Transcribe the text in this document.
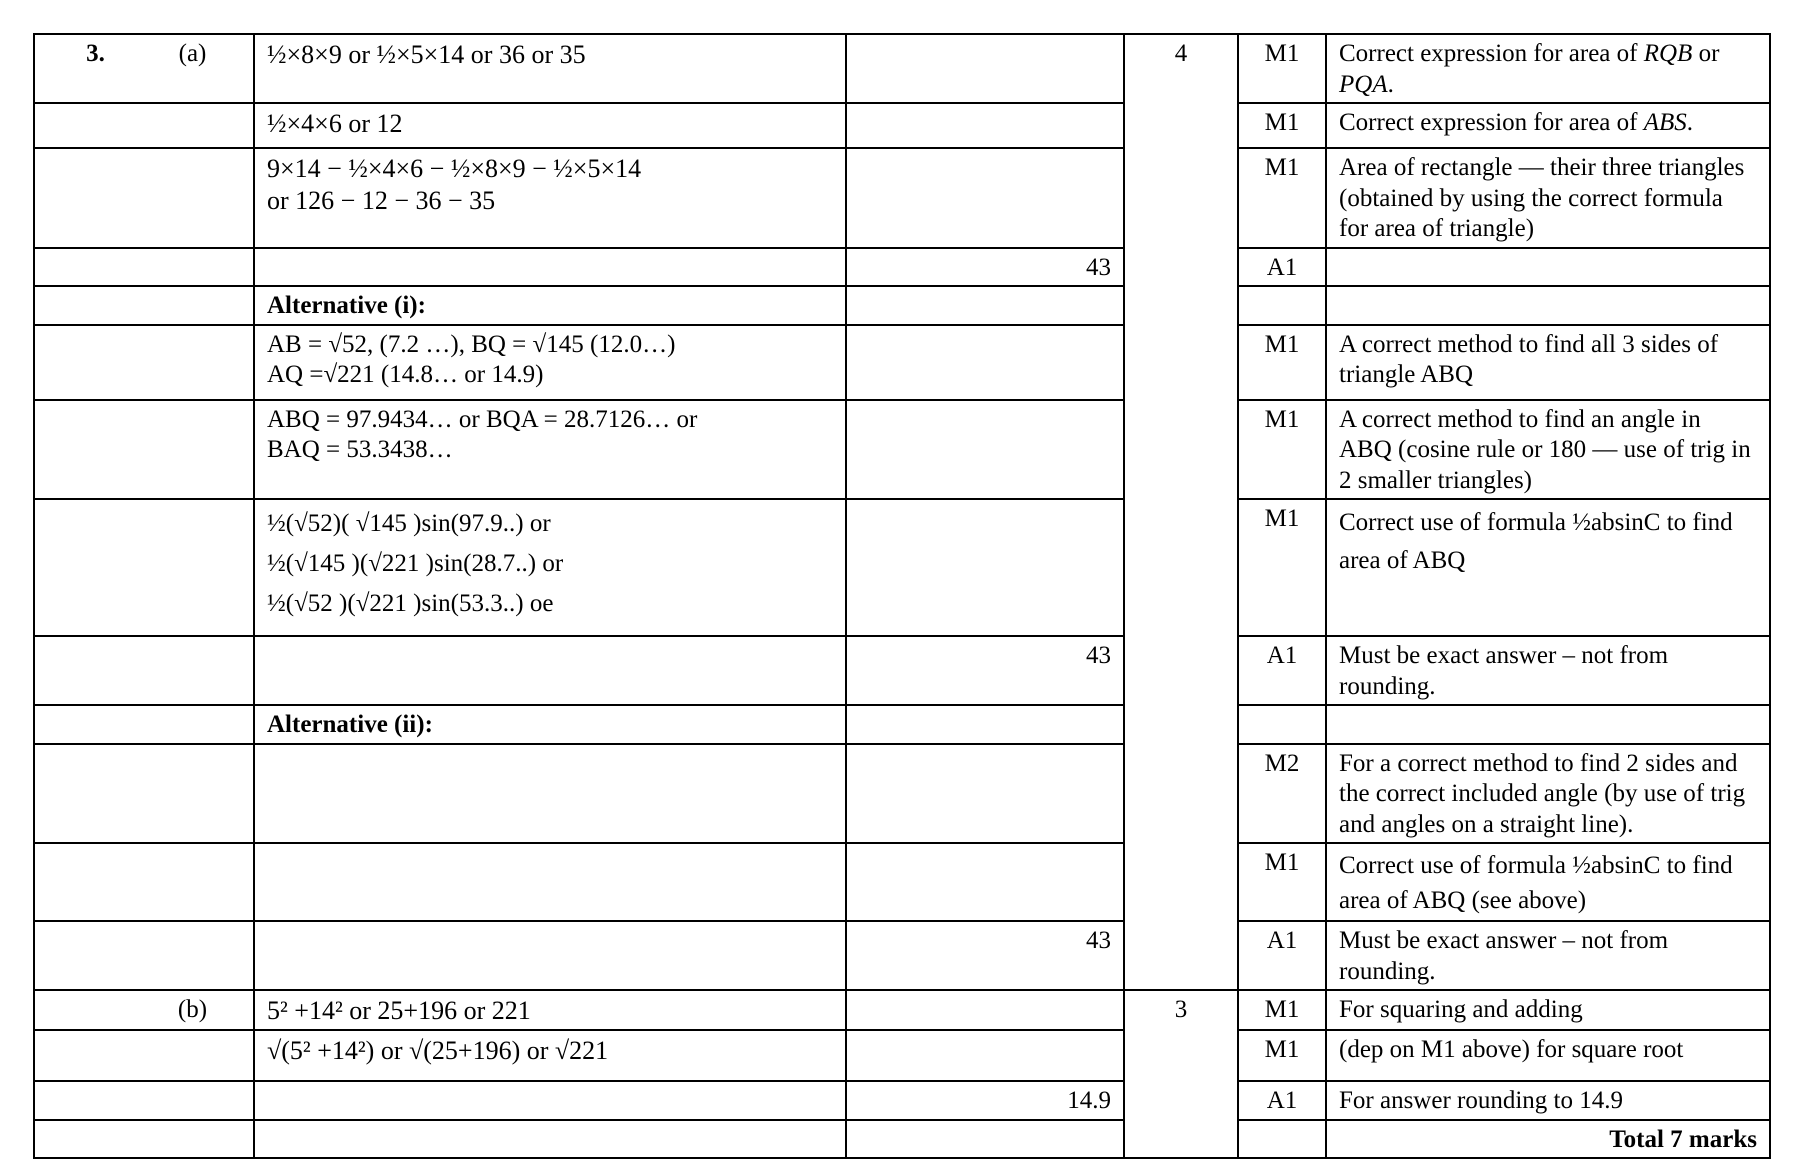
3. (a)	½×8×9 or ½×5×14 or 36 or 35		4	M1	Correct expression for area of RQB or PQA.

	½×4×6 or 12			M1	Correct expression for area of ABS.

	9×14 − ½×4×6 − ½×8×9 − ½×5×14
or 126 − 12 − 36 − 35			M1	Area of rectangle — their three triangles (obtained by using the correct formula for area of triangle)

		43		A1	

	Alternative (i):				

	AB = √52, (7.2 …), BQ = √145 (12.0…)
AQ =√221 (14.8… or 14.9)			M1	A correct method to find all 3 sides of triangle ABQ

	ABQ = 97.9434… or BQA = 28.7126… or
BAQ = 53.3438…			M1	A correct method to find an angle in ABQ (cosine rule or 180 — use of trig in 2 smaller triangles)

	½(√52)( √145 )sin(97.9..) or
½(√145 )(√221 )sin(28.7..) or
½(√52 )(√221 )sin(53.3..) oe			M1	Correct use of formula ½absinC to find
area of ABQ

		43		A1	Must be exact answer – not from rounding.

	Alternative (ii):				

				M2	For a correct method to find 2 sides and the correct included angle (by use of trig and angles on a straight line).

				M1	Correct use of formula ½absinC to find
area of ABQ (see above)

		43		A1	Must be exact answer – not from rounding.

(b)	5² +14² or 25+196 or 221		3	M1	For squaring and adding

	√(5² +14²) or √(25+196) or √221			M1	(dep on M1 above) for square root

		14.9		A1	For answer rounding to 14.9

					Total 7 marks
